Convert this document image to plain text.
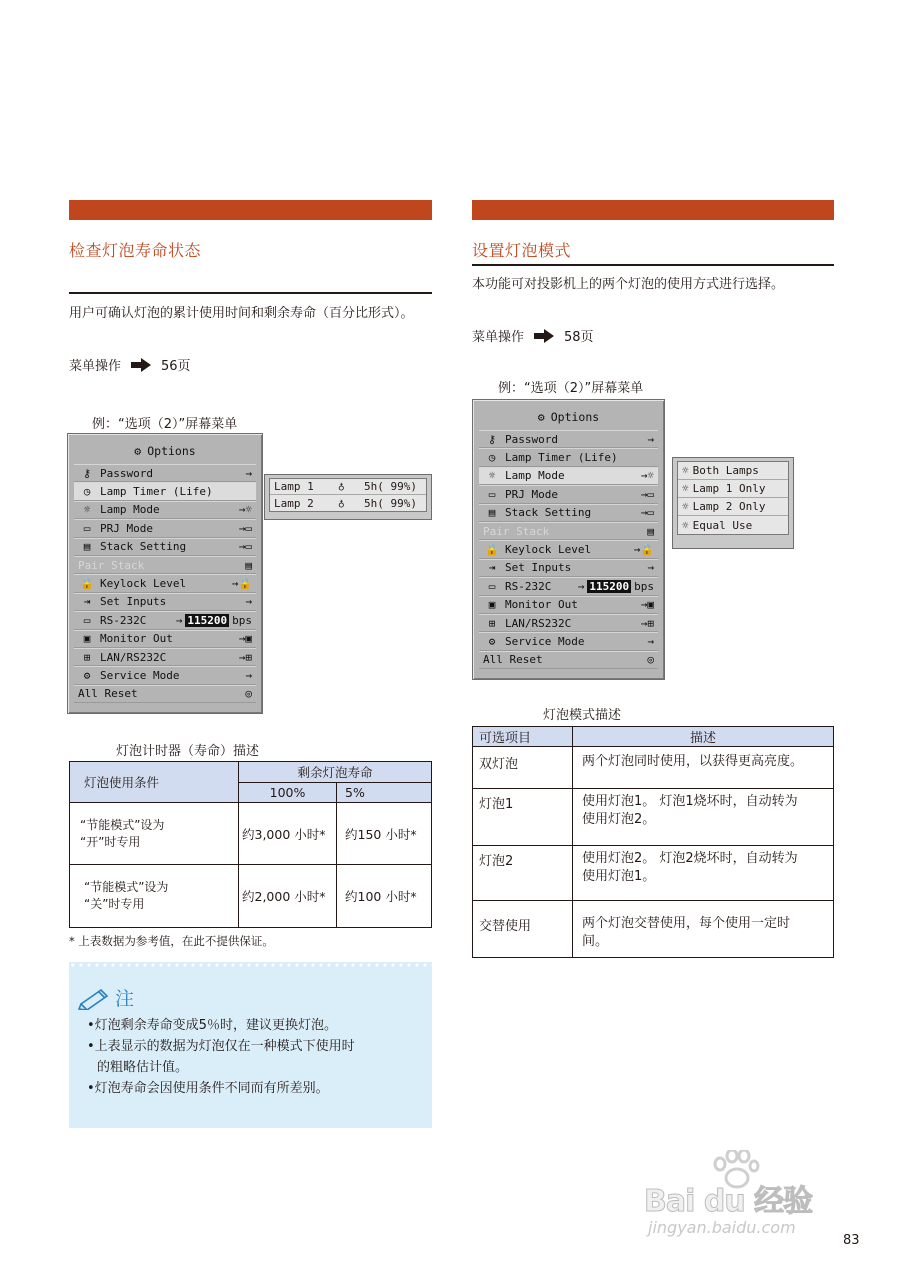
检查灯泡寿命状态
用户可确认灯泡的累计使用时间和剩余寿命（百分比形式）。
菜单操作	56页
例：“选项（2）”屏幕菜单
⚙ Options
⚷ Password	→
◷ Lamp Timer (Life)
☼ Lamp Mode	→☼
▭ PRJ Mode	→▭
▤ Stack Setting	→▭
Pair Stack	▤
🔒 Keylock Level	→🔒
⇥ Set Inputs	→
▭ RS-232C	→ 115200 bps
▣ Monitor Out	→▣
⊞ LAN/RS232C	→⊞
⚙ Service Mode	→
All Reset	◎
Lamp 1	♁	5h( 99%)
Lamp 2	♁	5h( 99%)
灯泡计时器（寿命）描述
灯泡使用条件	剩余灯泡寿命	
	100%	5%

“节能模式”设为
“开”时专用	约3,000 小时*	约150 小时*

“节能模式”设为
“关”时专用	约2,000 小时*	约100 小时*
* 上表数据为参考值，在此不提供保证。
注
•灯泡剩余寿命变成5％时，建议更换灯泡。
•上表显示的数据为灯泡仅在一种模式下使用时
的粗略估计值。
•灯泡寿命会因使用条件不同而有所差别。
设置灯泡模式
本功能可对投影机上的两个灯泡的使用方式进行选择。
菜单操作	58页
例：“选项（2）”屏幕菜单
⚙ Options
⚷ Password	→
◷ Lamp Timer (Life)
☼ Lamp Mode	→☼
▭ PRJ Mode	→▭
▤ Stack Setting	→▭
Pair Stack	▤
🔒 Keylock Level	→🔒
⇥ Set Inputs	→
▭ RS-232C	→ 115200 bps
▣ Monitor Out	→▣
⊞ LAN/RS232C	→⊞
⚙ Service Mode	→
All Reset	◎
☼ Both Lamps
☼ Lamp 1 Only
☼ Lamp 2 Only
☼ Equal Use
灯泡模式描述
可选项目	描述
双灯泡	两个灯泡同时使用，以获得更高亮度。

灯泡1	使用灯泡1。 灯泡1烧坏时，自动转为
使用灯泡2。

灯泡2	使用灯泡2。 灯泡2烧坏时，自动转为
使用灯泡1。

交替使用	两个灯泡交替使用，每个使用一定时
间。
Bai du 经验
jingyan.baidu.com
83
